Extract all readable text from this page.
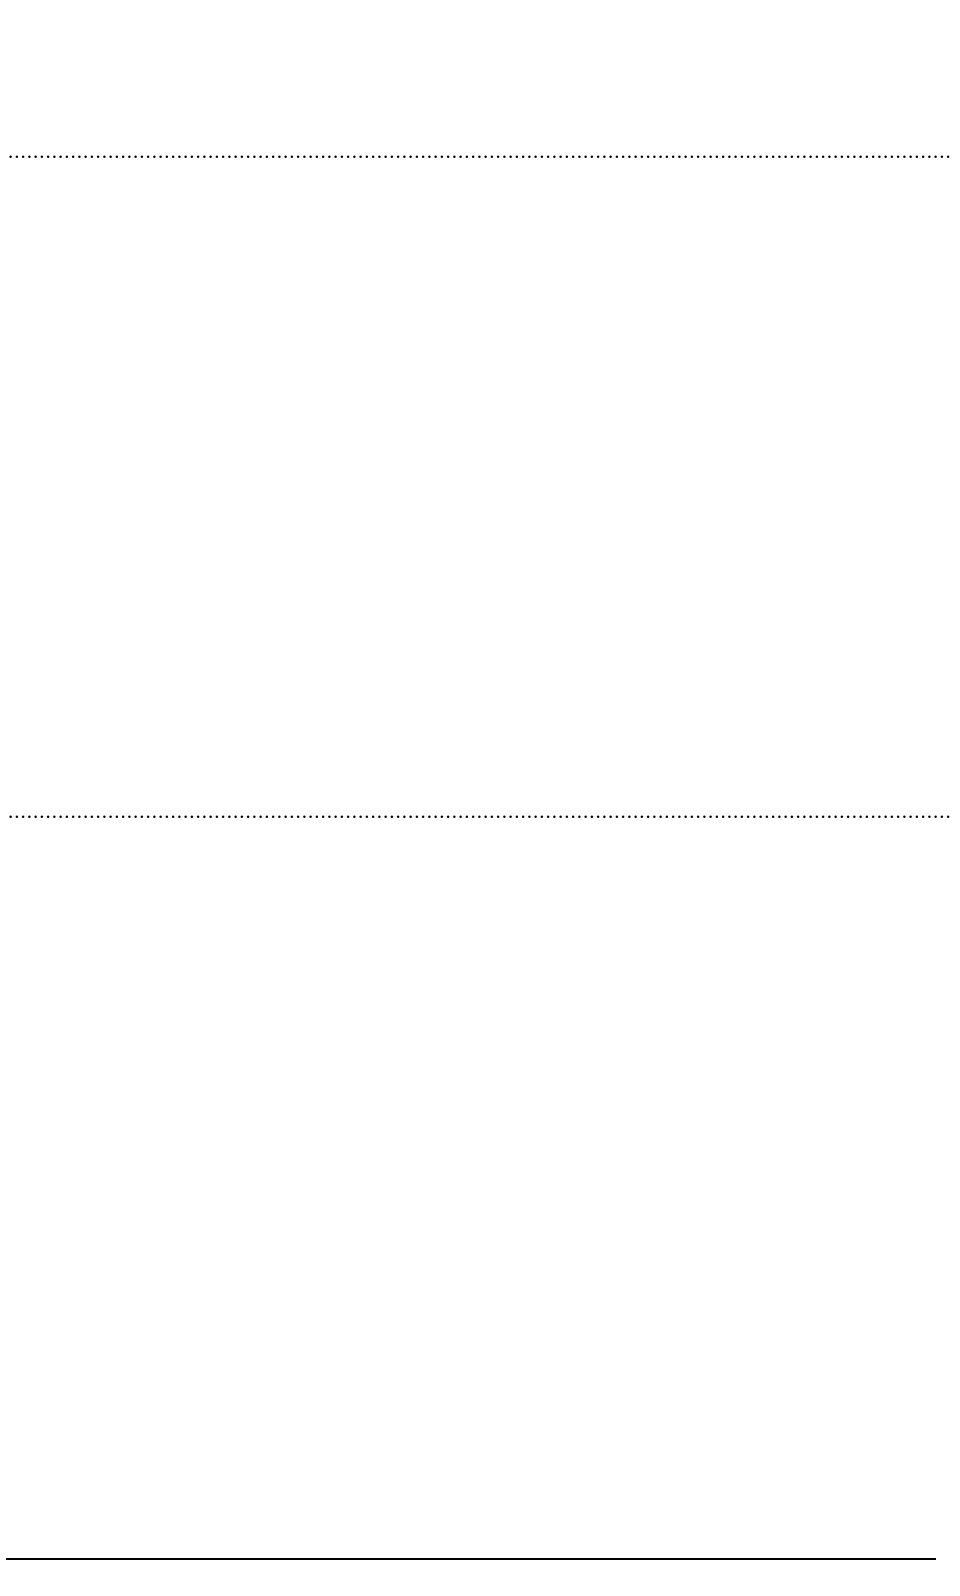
.....
.....
